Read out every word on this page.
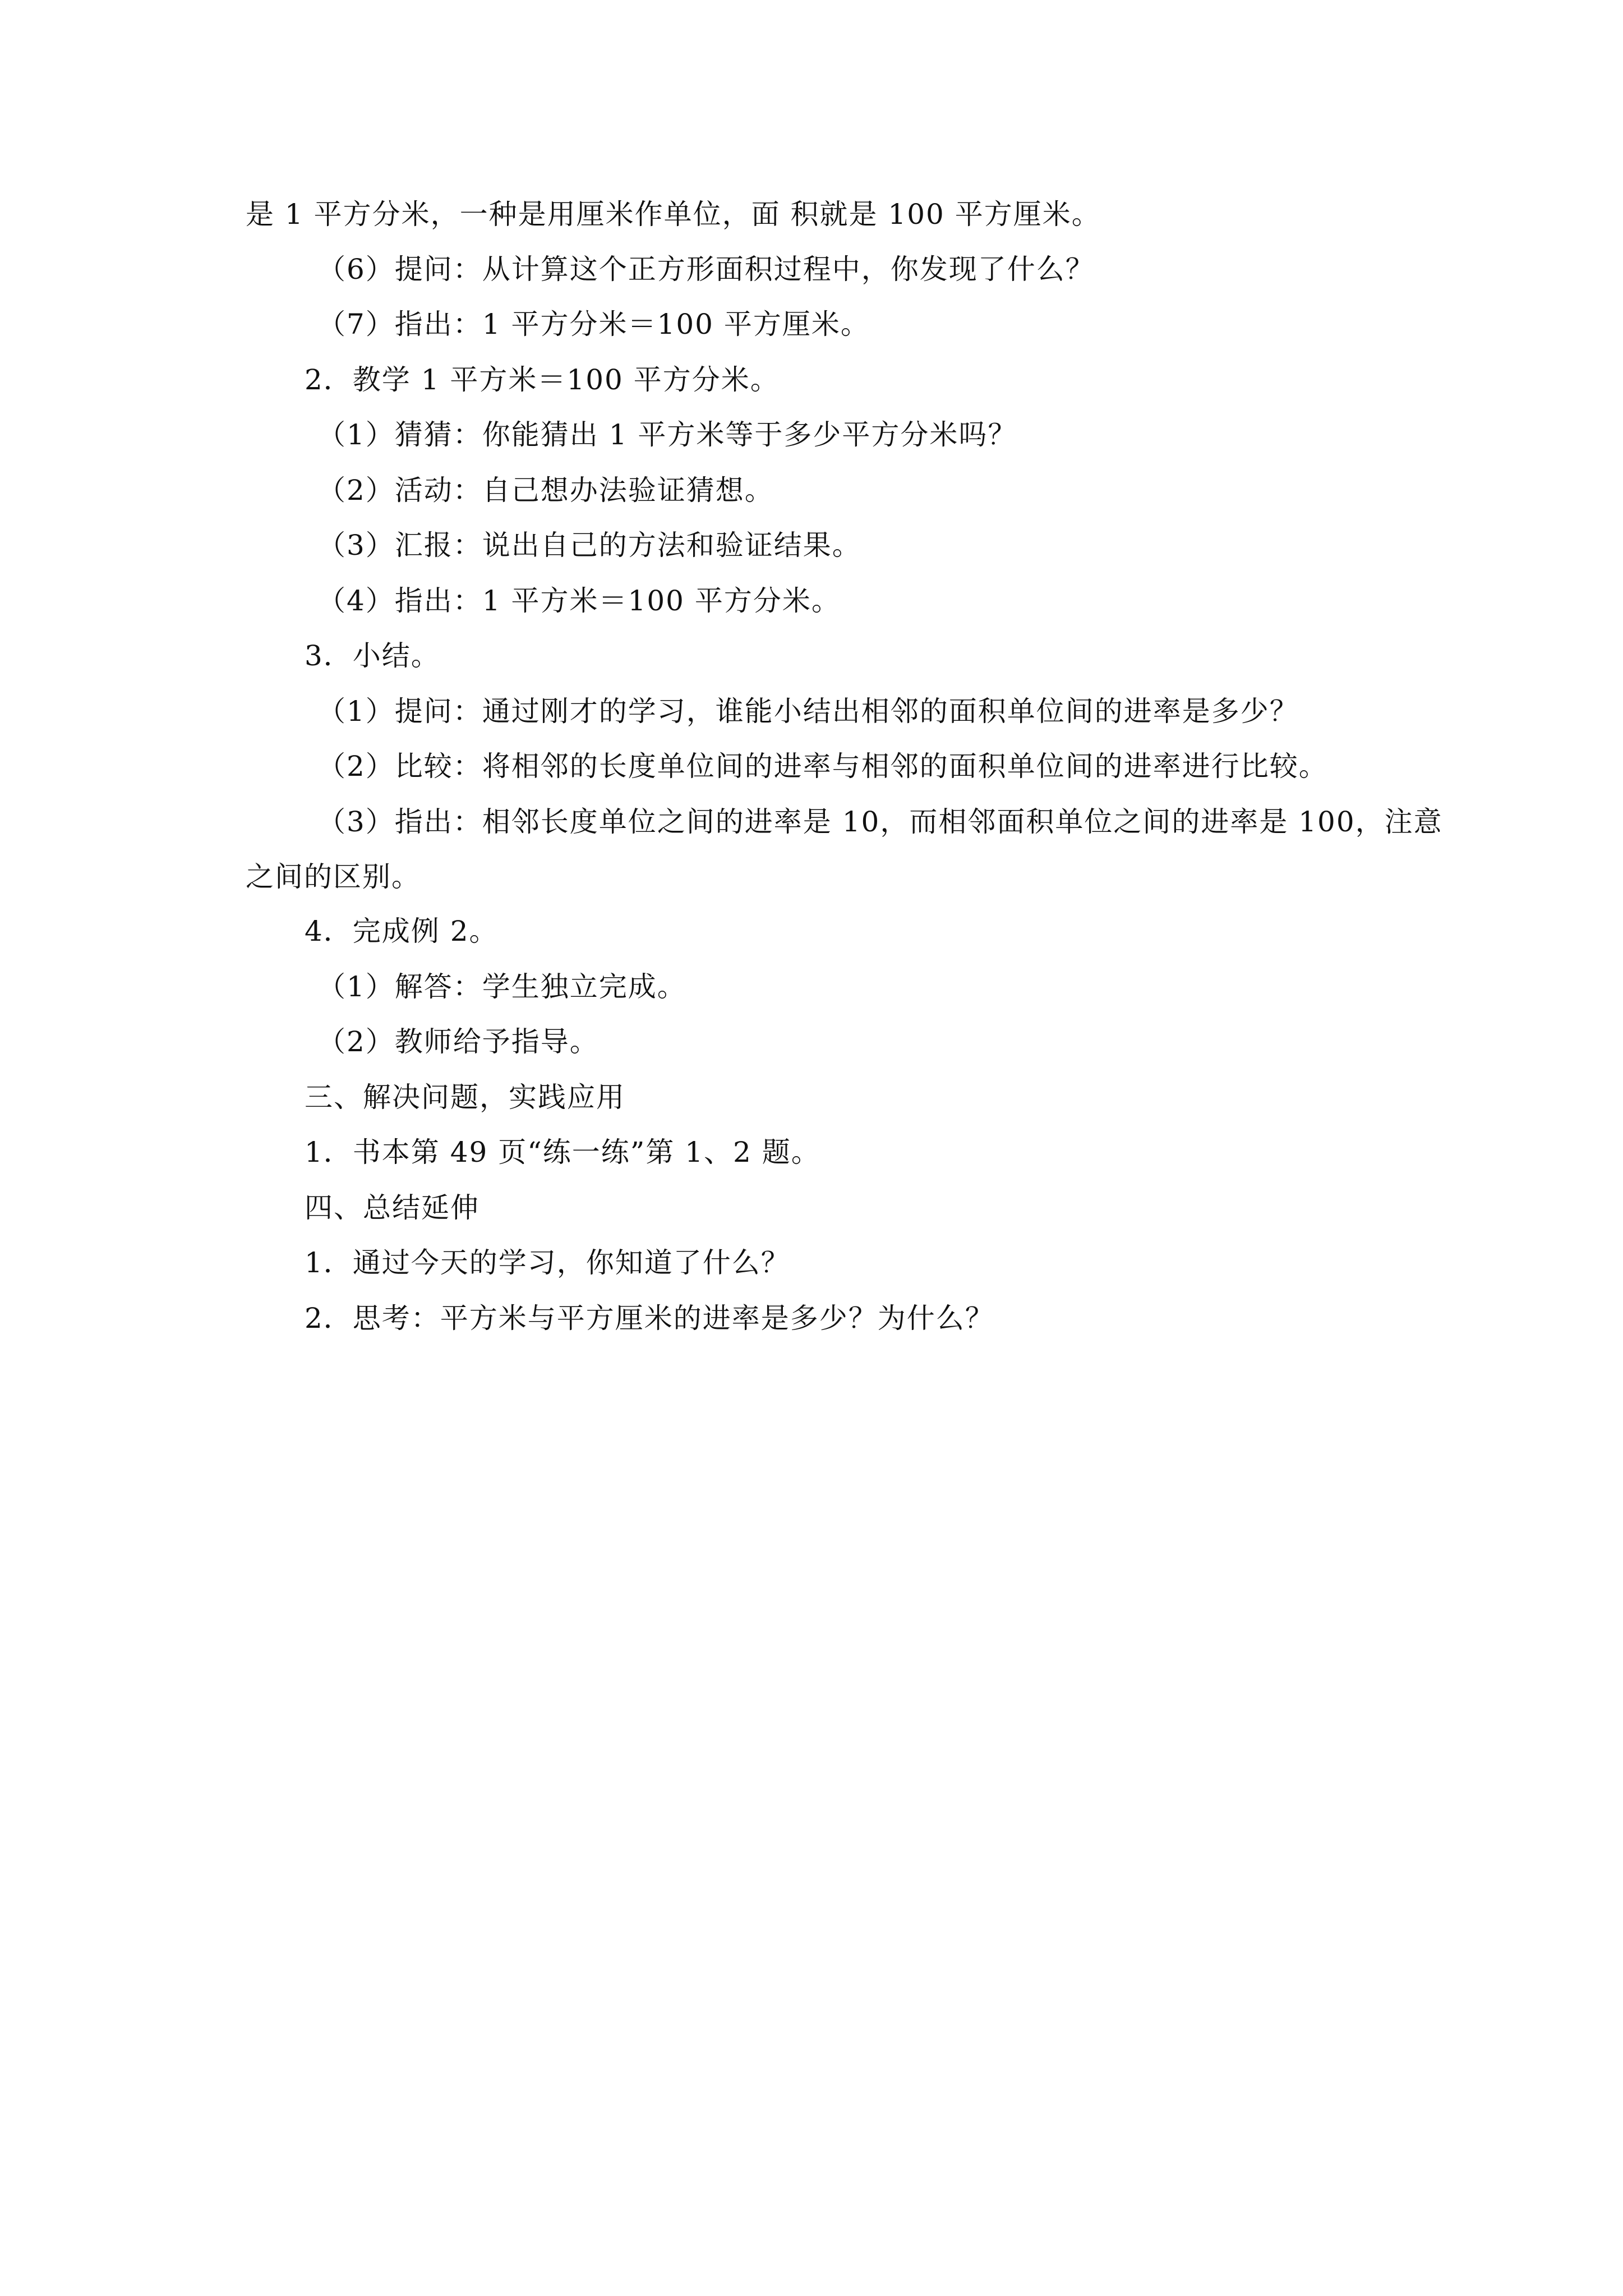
是 1 平方分米，一种是用厘米作单位，面 积就是 100 平方厘米。
（6）提问：从计算这个正方形面积过程中，你发现了什么？
（7）指出：1 平方分米＝100 平方厘米。
2．教学 1 平方米＝100 平方分米。
（1）猜猜：你能猜出 1 平方米等于多少平方分米吗？
（2）活动：自己想办法验证猜想。
（3）汇报：说出自己的方法和验证结果。
（4）指出：1 平方米＝100 平方分米。
3．小结。
（1）提问：通过刚才的学习，谁能小结出相邻的面积单位间的进率是多少？
（2）比较：将相邻的长度单位间的进率与相邻的面积单位间的进率进行比较。
（3）指出：相邻长度单位之间的进率是 10，而相邻面积单位之间的进率是 100，注意
之间的区别。
4．完成例 2。
（1）解答：学生独立完成。
（2）教师给予指导。
三、解决问题，实践应用
1．书本第 49 页“练一练”第 1、2 题。
四、总结延伸
1．通过今天的学习，你知道了什么？
2．思考：平方米与平方厘米的进率是多少？为什么？
